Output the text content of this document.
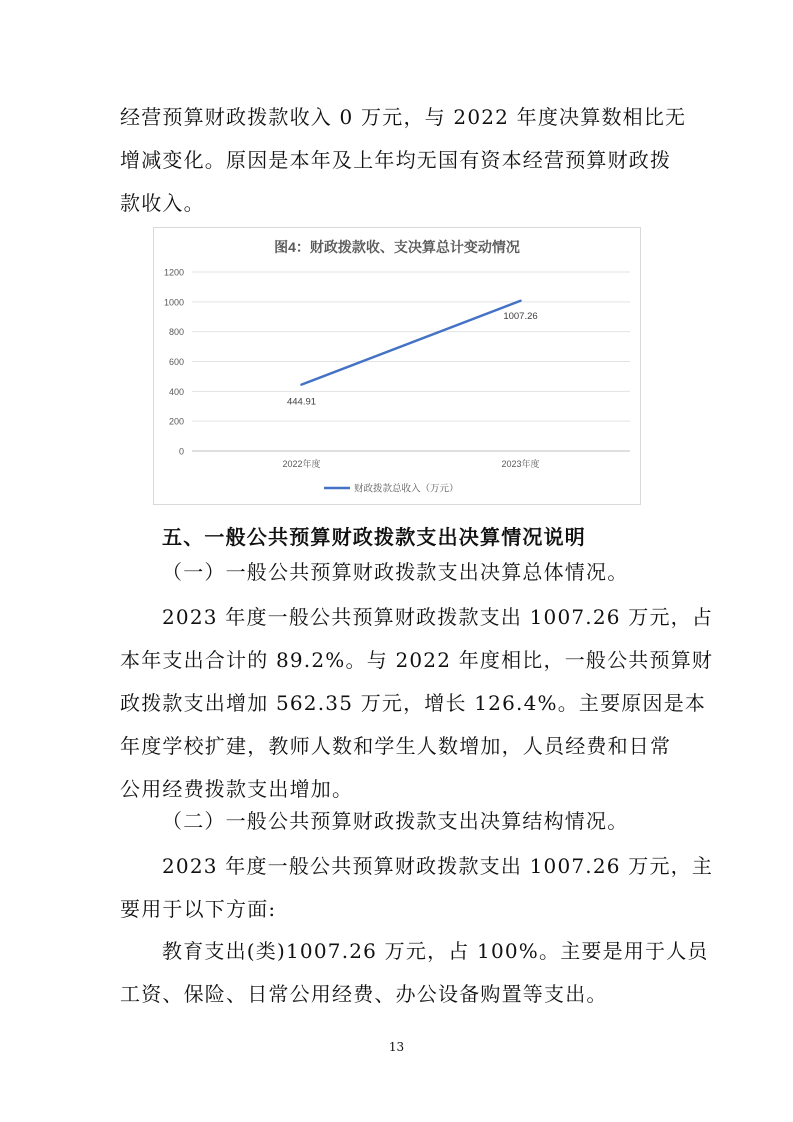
经营预算财政拨款收入 0 万元，与 2022 年度决算数相比无
增减变化。原因是本年及上年均无国有资本经营预算财政拨
款收入。
图4：财政拨款收、支决算总计变动情况
0
200
400
600
800
1000
1200
2022年度	2023年度
444.91
1007.26
财政拨款总收入（万元）

五、一般公共预算财政拨款支出决算情况说明

（一）一般公共预算财政拨款支出决算总体情况。

2023 年度一般公共预算财政拨款支出 1007.26 万元，占
本年支出合计的 89.2%。与 2022 年度相比，一般公共预算财
政拨款支出增加 562.35 万元，增长 126.4%。主要原因是本
年度学校扩建，教师人数和学生人数增加，人员经费和日常
公用经费拨款支出增加。

（二）一般公共预算财政拨款支出决算结构情况。

2023 年度一般公共预算财政拨款支出 1007.26 万元，主
要用于以下方面:
教育支出(类)1007.26 万元，占 100%。主要是用于人员
工资、保险、日常公用经费、办公设备购置等支出。
13
